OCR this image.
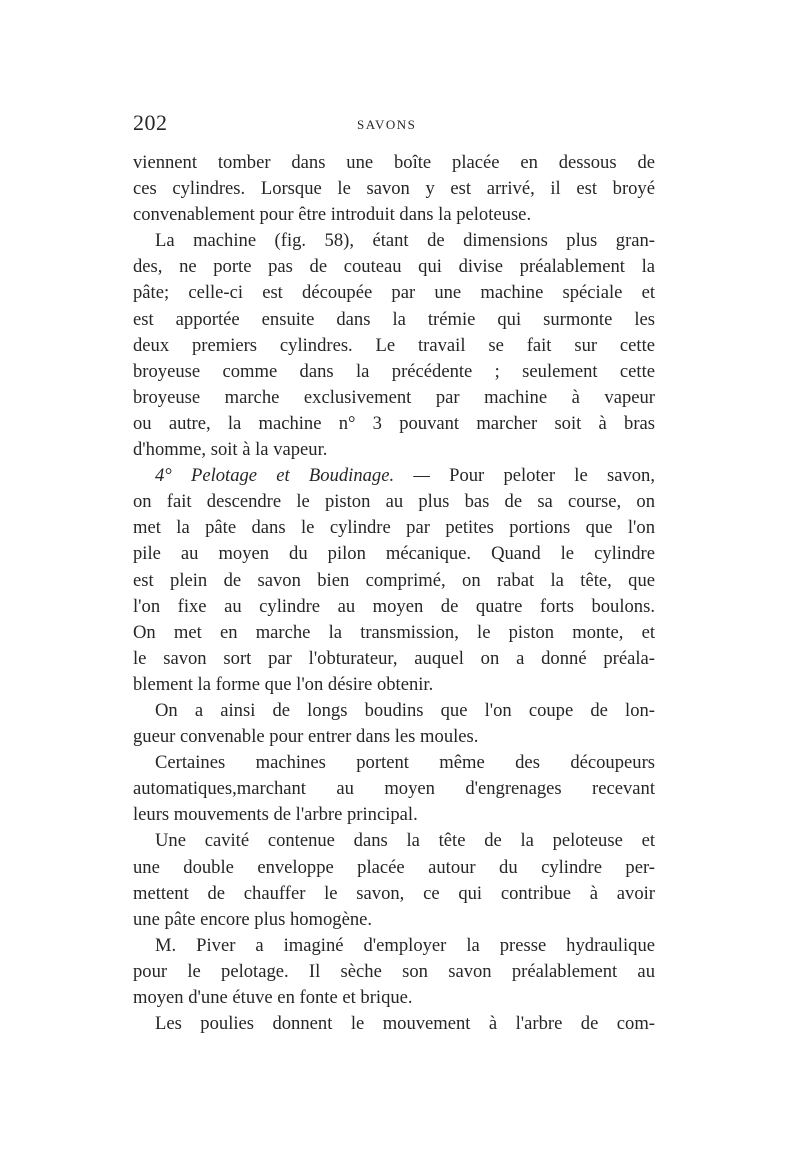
202	SAVONS
viennent tomber dans une boîte placée en dessous de
ces cylindres. Lorsque le savon y est arrivé, il est broyé
convenablement pour être introduit dans la peloteuse.
La machine (fig. 58), étant de dimensions plus gran-
des, ne porte pas de couteau qui divise préalablement la
pâte; celle-ci est découpée par une machine spéciale et
est apportée ensuite dans la trémie qui surmonte les
deux premiers cylindres. Le travail se fait sur cette
broyeuse comme dans la précédente ; seulement cette
broyeuse marche exclusivement par machine à vapeur
ou autre, la machine n° 3 pouvant marcher soit à bras
d'homme, soit à la vapeur.
4° Pelotage et Boudinage. — Pour peloter le savon,
on fait descendre le piston au plus bas de sa course, on
met la pâte dans le cylindre par petites portions que l'on
pile au moyen du pilon mécanique. Quand le cylindre
est plein de savon bien comprimé, on rabat la tête, que
l'on fixe au cylindre au moyen de quatre forts boulons.
On met en marche la transmission, le piston monte, et
le savon sort par l'obturateur, auquel on a donné préala-
blement la forme que l'on désire obtenir.
On a ainsi de longs boudins que l'on coupe de lon-
gueur convenable pour entrer dans les moules.
Certaines machines portent même des découpeurs
automatiques,marchant au moyen d'engrenages recevant
leurs mouvements de l'arbre principal.
Une cavité contenue dans la tête de la peloteuse et
une double enveloppe placée autour du cylindre per-
mettent de chauffer le savon, ce qui contribue à avoir
une pâte encore plus homogène.
M. Piver a imaginé d'employer la presse hydraulique
pour le pelotage. Il sèche son savon préalablement au
moyen d'une étuve en fonte et brique.
Les poulies donnent le mouvement à l'arbre de com-
